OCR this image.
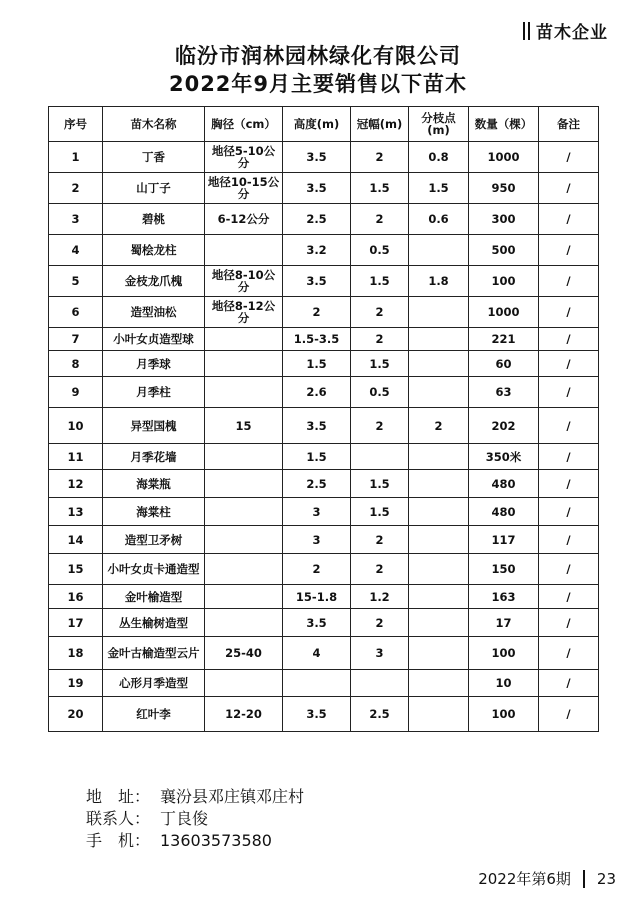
苗木企业
临汾市润林园林绿化有限公司
2022年9月主要销售以下苗木
序号	苗木名称	胸径（cm）	高度(m)	冠幅(m)	分枝点(m)	数量（棵）	备注
1	丁香	地径5-10公分	3.5	2	0.8	1000	/
2	山丁子	地径10-15公分	3.5	1.5	1.5	950	/
3	碧桃	6-12公分	2.5	2	0.6	300	/
4	蜀桧龙柱		3.2	0.5		500	/
5	金枝龙爪槐	地径8-10公分	3.5	1.5	1.8	100	/
6	造型油松	地径8-12公分	2	2		1000	/
7	小叶女贞造型球		1.5-3.5	2		221	/
8	月季球		1.5	1.5		60	/
9	月季柱		2.6	0.5		63	/
10	异型国槐	15	3.5	2	2	202	/
11	月季花墙		1.5			350米	/
12	海棠瓶		2.5	1.5		480	/
13	海棠柱		3	1.5		480	/
14	造型卫矛树		3	2		117	/
15	小叶女贞卡通造型		2	2		150	/
16	金叶榆造型		15-1.8	1.2		163	/
17	丛生榆树造型		3.5	2		17	/
18	金叶古榆造型云片	25-40	4	3		100	/
19	心形月季造型					10	/
20	红叶李	12-20	3.5	2.5		100	/
地　址： 襄汾县邓庄镇邓庄村
联系人： 丁良俊
手　机： 13603573580
2022年第6期 23
